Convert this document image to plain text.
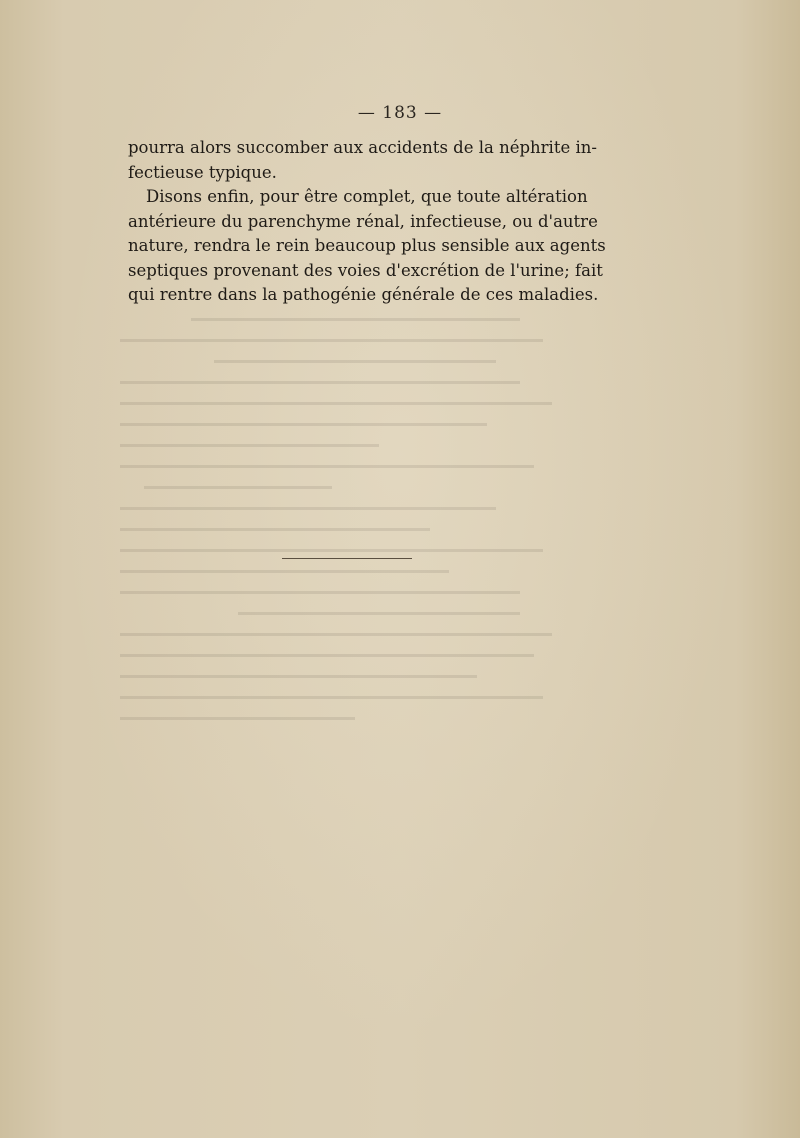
— 183 —

pourra alors succomber aux accidents de la néphrite in-
fectieuse typique.

Disons enfin, pour être complet, que toute altération
antérieure du parenchyme rénal, infectieuse, ou d'autre
nature, rendra le rein beaucoup plus sensible aux agents
septiques provenant des voies d'excrétion de l'urine; fait
qui rentre dans la pathogénie générale de ces maladies.
